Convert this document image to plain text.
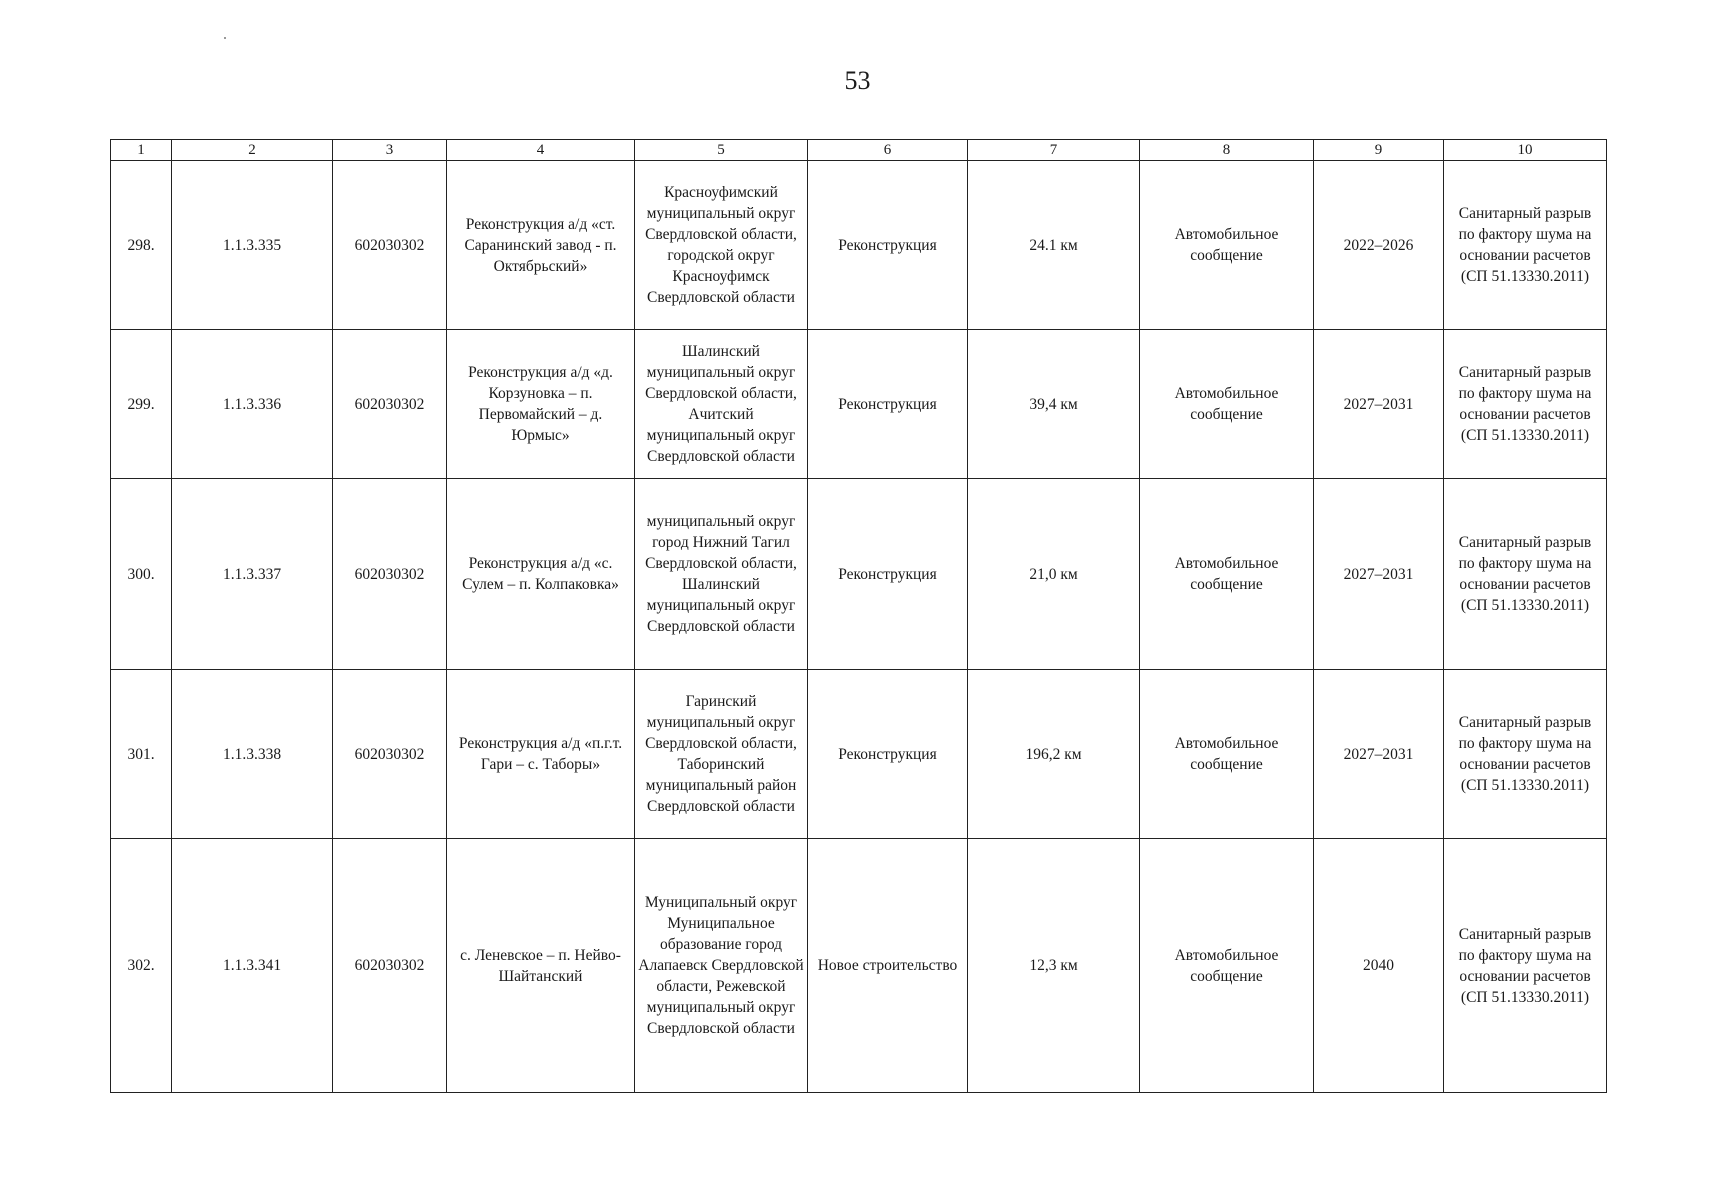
53
1	2	3	4	5	6	7	8	9	10
298.	1.1.3.335	602030302	Реконструкция а/д «ст. Саранинский завод - п. Октябрьский»	Красноуфимский муниципальный округ Свердловской области, городской округ Красноуфимск Свердловской области	Реконструкция	24.1 км	Автомобильное сообщение	2022–2026	Санитарный разрыв по фактору шума на основании расчетов (СП 51.13330.2011)
299.	1.1.3.336	602030302	Реконструкция а/д «д. Корзуновка – п. Первомайский – д. Юрмыс»	Шалинский муниципальный округ Свердловской области, Ачитский муниципальный округ Свердловской области	Реконструкция	39,4 км	Автомобильное сообщение	2027–2031	Санитарный разрыв по фактору шума на основании расчетов (СП 51.13330.2011)
300.	1.1.3.337	602030302	Реконструкция а/д «с. Сулем – п. Колпаковка»	муниципальный округ город Нижний Тагил Свердловской области, Шалинский муниципальный округ Свердловской области	Реконструкция	21,0 км	Автомобильное сообщение	2027–2031	Санитарный разрыв по фактору шума на основании расчетов (СП 51.13330.2011)
301.	1.1.3.338	602030302	Реконструкция а/д «п.г.т. Гари – с. Таборы»	Гаринский муниципальный округ Свердловской области, Таборинский муниципальный район Свердловской области	Реконструкция	196,2 км	Автомобильное сообщение	2027–2031	Санитарный разрыв по фактору шума на основании расчетов (СП 51.13330.2011)
302.	1.1.3.341	602030302	с. Леневское – п. Нейво-Шайтанский	Муниципальный округ Муниципальное образование город Алапаевск Свердловской области, Режевской муниципальный округ Свердловской области	Новое строительство	12,3 км	Автомобильное сообщение	2040	Санитарный разрыв по фактору шума на основании расчетов (СП 51.13330.2011)
